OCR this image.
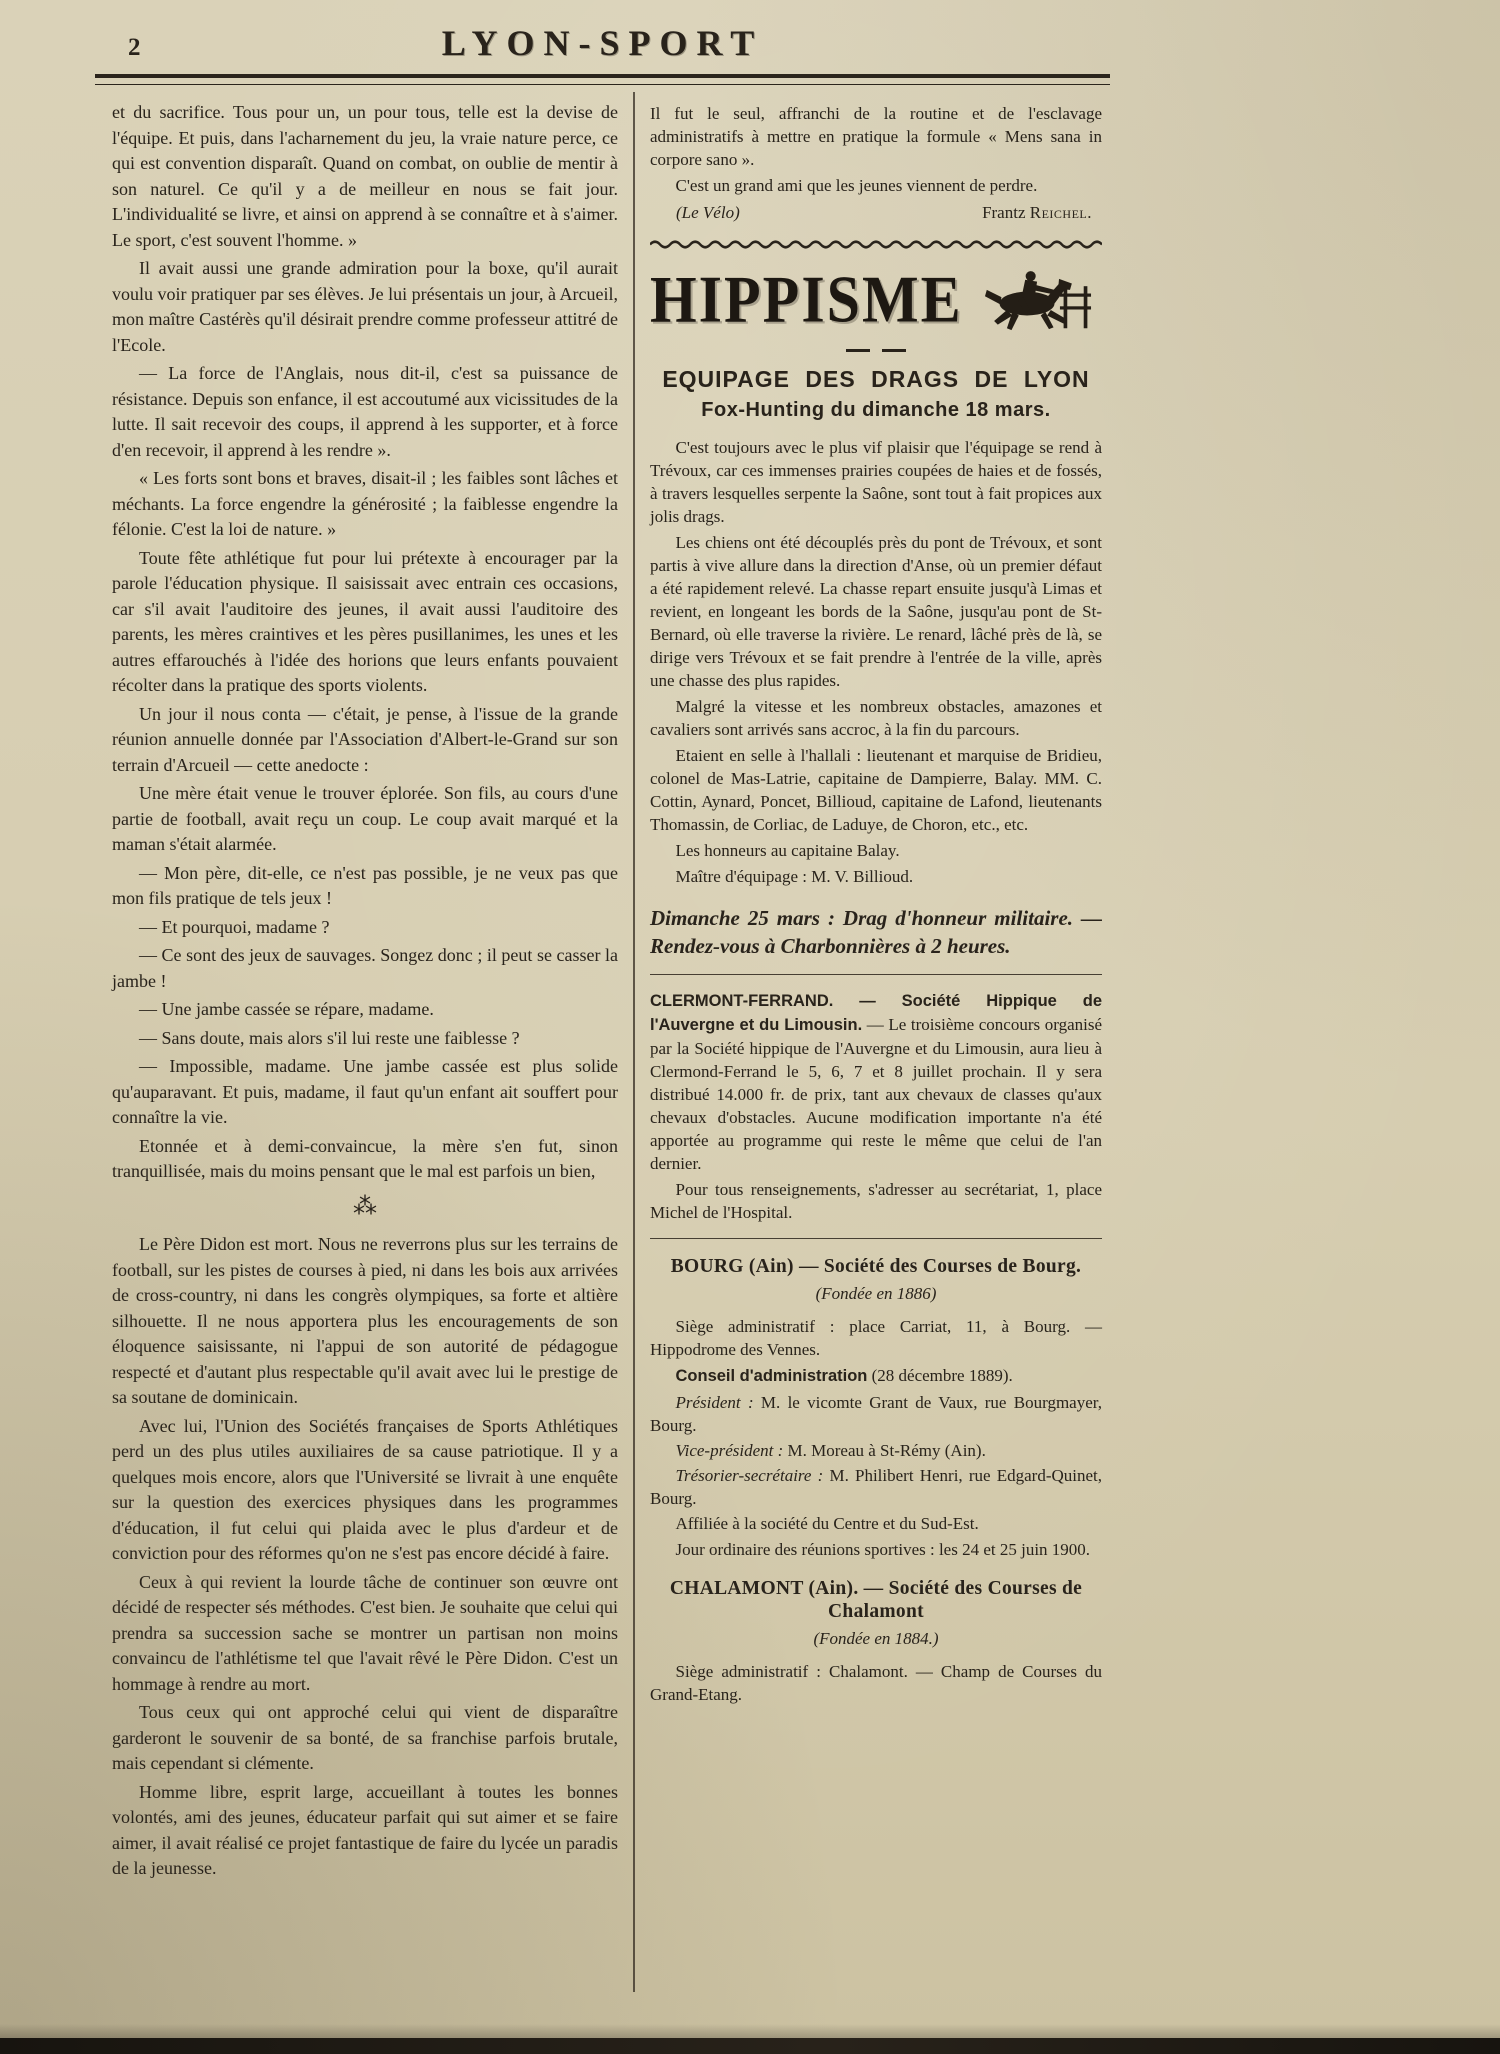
2	LYON-SPORT

et du sacrifice. Tous pour un, un pour tous, telle est la devise de l'équipe. Et puis, dans l'acharnement du jeu, la vraie nature perce, ce qui est convention disparaît. Quand on combat, on oublie de mentir à son naturel. Ce qu'il y a de meilleur en nous se fait jour. L'individualité se livre, et ainsi on apprend à se connaître et à s'aimer. Le sport, c'est souvent l'homme. »

Il avait aussi une grande admiration pour la boxe, qu'il aurait voulu voir pratiquer par ses élèves. Je lui présentais un jour, à Arcueil, mon maître Castérès qu'il désirait prendre comme professeur attitré de l'Ecole.

— La force de l'Anglais, nous dit-il, c'est sa puissance de résistance. Depuis son enfance, il est accoutumé aux vicissitudes de la lutte. Il sait recevoir des coups, il apprend à les supporter, et à force d'en recevoir, il apprend à les rendre ».

« Les forts sont bons et braves, disait-il ; les faibles sont lâches et méchants. La force engendre la générosité ; la faiblesse engendre la félonie. C'est la loi de nature. »

Toute fête athlétique fut pour lui prétexte à encourager par la parole l'éducation physique. Il saisissait avec entrain ces occasions, car s'il avait l'auditoire des jeunes, il avait aussi l'auditoire des parents, les mères craintives et les pères pusillanimes, les unes et les autres effarouchés à l'idée des horions que leurs enfants pouvaient récolter dans la pratique des sports violents.

Un jour il nous conta — c'était, je pense, à l'issue de la grande réunion annuelle donnée par l'Association d'Albert-le-Grand sur son terrain d'Arcueil — cette anedocte :

Une mère était venue le trouver éplorée. Son fils, au cours d'une partie de football, avait reçu un coup. Le coup avait marqué et la maman s'était alarmée.

— Mon père, dit-elle, ce n'est pas possible, je ne veux pas que mon fils pratique de tels jeux !

— Et pourquoi, madame ?

— Ce sont des jeux de sauvages. Songez donc ; il peut se casser la jambe !

— Une jambe cassée se répare, madame.

— Sans doute, mais alors s'il lui reste une faiblesse ?

— Impossible, madame. Une jambe cassée est plus solide qu'auparavant. Et puis, madame, il faut qu'un enfant ait souffert pour connaître la vie.

Etonnée et à demi-convaincue, la mère s'en fut, sinon tranquillisée, mais du moins pensant que le mal est parfois un bien,

⁂

Le Père Didon est mort. Nous ne reverrons plus sur les terrains de football, sur les pistes de courses à pied, ni dans les bois aux arrivées de cross-country, ni dans les congrès olympiques, sa forte et altière silhouette. Il ne nous apportera plus les encouragements de son éloquence saisissante, ni l'appui de son autorité de pédagogue respecté et d'autant plus respectable qu'il avait avec lui le prestige de sa soutane de dominicain.

Avec lui, l'Union des Sociétés françaises de Sports Athlétiques perd un des plus utiles auxiliaires de sa cause patriotique. Il y a quelques mois encore, alors que l'Université se livrait à une enquête sur la question des exercices physiques dans les programmes d'éducation, il fut celui qui plaida avec le plus d'ardeur et de conviction pour des réformes qu'on ne s'est pas encore décidé à faire.

Ceux à qui revient la lourde tâche de continuer son œuvre ont décidé de respecter sés méthodes. C'est bien. Je souhaite que celui qui prendra sa succession sache se montrer un partisan non moins convaincu de l'athlétisme tel que l'avait rêvé le Père Didon. C'est un hommage à rendre au mort.

Tous ceux qui ont approché celui qui vient de disparaître garderont le souvenir de sa bonté, de sa franchise parfois brutale, mais cependant si clémente.

Homme libre, esprit large, accueillant à toutes les bonnes volontés, ami des jeunes, éducateur parfait qui sut aimer et se faire aimer, il avait réalisé ce projet fantastique de faire du lycée un paradis de la jeunesse.

Il fut le seul, affranchi de la routine et de l'esclavage administratifs à mettre en pratique la formule « Mens sana in corpore sano ».

C'est un grand ami que les jeunes viennent de perdre.

(Le Vélo)	Frantz Reichel.
HIPPISME
EQUIPAGE DES DRAGS DE LYON
Fox-Hunting du dimanche 18 mars.

C'est toujours avec le plus vif plaisir que l'équipage se rend à Trévoux, car ces immenses prairies coupées de haies et de fossés, à travers lesquelles serpente la Saône, sont tout à fait propices aux jolis drags.

Les chiens ont été découplés près du pont de Trévoux, et sont partis à vive allure dans la direction d'Anse, où un premier défaut a été rapidement relevé. La chasse repart ensuite jusqu'à Limas et revient, en longeant les bords de la Saône, jusqu'au pont de St-Bernard, où elle traverse la rivière. Le renard, lâché près de là, se dirige vers Trévoux et se fait prendre à l'entrée de la ville, après une chasse des plus rapides.

Malgré la vitesse et les nombreux obstacles, amazones et cavaliers sont arrivés sans accroc, à la fin du parcours.

Etaient en selle à l'hallali : lieutenant et marquise de Bridieu, colonel de Mas-Latrie, capitaine de Dampierre, Balay. MM. C. Cottin, Aynard, Poncet, Billioud, capitaine de Lafond, lieutenants Thomassin, de Corliac, de Laduye, de Choron, etc., etc.

Les honneurs au capitaine Balay.

Maître d'équipage : M. V. Billioud.

Dimanche 25 mars : Drag d'honneur militaire. — Rendez-vous à Charbonnières à 2 heures.

CLERMONT-FERRAND. — Société Hippique de l'Auvergne et du Limousin. — Le troisième concours organisé par la Société hippique de l'Auvergne et du Limousin, aura lieu à Clermond-Ferrand le 5, 6, 7 et 8 juillet prochain. Il y sera distribué 14.000 fr. de prix, tant aux chevaux de classes qu'aux chevaux d'obstacles. Aucune modification importante n'a été apportée au programme qui reste le même que celui de l'an dernier.

Pour tous renseignements, s'adresser au secrétariat, 1, place Michel de l'Hospital.

BOURG (Ain) — Société des Courses de Bourg.
(Fondée en 1886)

Siège administratif : place Carriat, 11, à Bourg. — Hippodrome des Vennes.

Conseil d'administration (28 décembre 1889).

Président : M. le vicomte Grant de Vaux, rue Bourgmayer, Bourg.

Vice-président : M. Moreau à St-Rémy (Ain).

Trésorier-secrétaire : M. Philibert Henri, rue Edgard-Quinet, Bourg.

Affiliée à la société du Centre et du Sud-Est.

Jour ordinaire des réunions sportives : les 24 et 25 juin 1900.

CHALAMONT (Ain). — Société des Courses de Chalamont
(Fondée en 1884.)

Siège administratif : Chalamont. — Champ de Courses du Grand-Etang.
